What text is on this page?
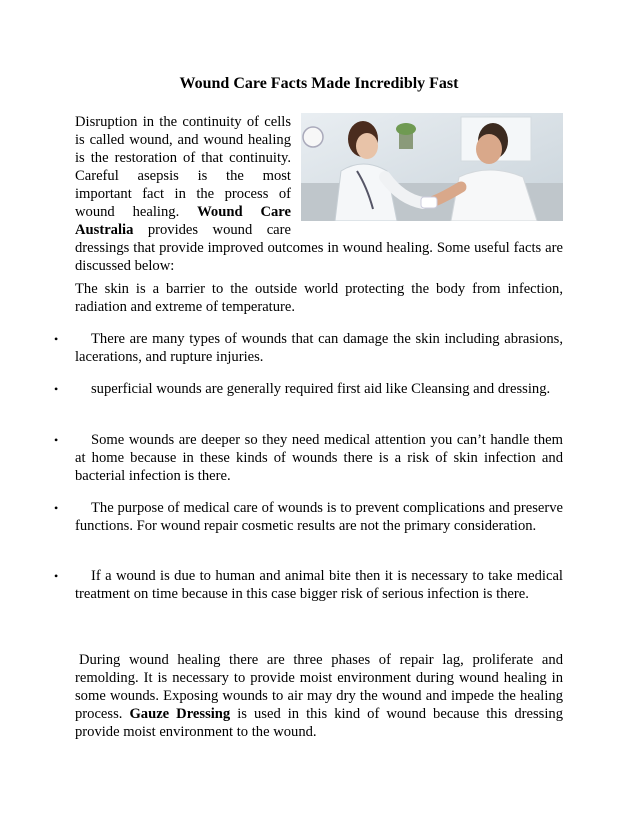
Wound Care Facts Made Incredibly Fast

Disruption in the continuity of cells is called wound, and wound healing is the restoration of that continuity. Careful asepsis is the most important fact in the process of wound healing. Wound Care Australia provides wound care dressings that provide improved outcomes in wound healing. Some useful facts are discussed below:

The skin is a barrier to the outside world protecting the body from infection, radiation and extreme of temperature.

•	There are many types of wounds that can damage the skin including abrasions, lacerations, and rupture injuries.

•	superficial wounds are generally required first aid like Cleansing and dressing.

•	Some wounds are deeper so they need medical attention you can’t handle them at home because in these kinds of wounds there is a risk of skin infection and bacterial infection is there.

•	The purpose of medical care of wounds is to prevent complications and preserve functions. For wound repair cosmetic results are not the primary consideration.

•	If a wound is due to human and animal bite then it is necessary to take medical treatment on time because in this case bigger risk of serious infection is there.

During wound healing there are three phases of repair lag, proliferate and remolding. It is necessary to provide moist environment during wound healing in some wounds. Exposing wounds to air may dry the wound and impede the healing process. Gauze Dressing is used in this kind of wound because this dressing provide moist environment to the wound.
